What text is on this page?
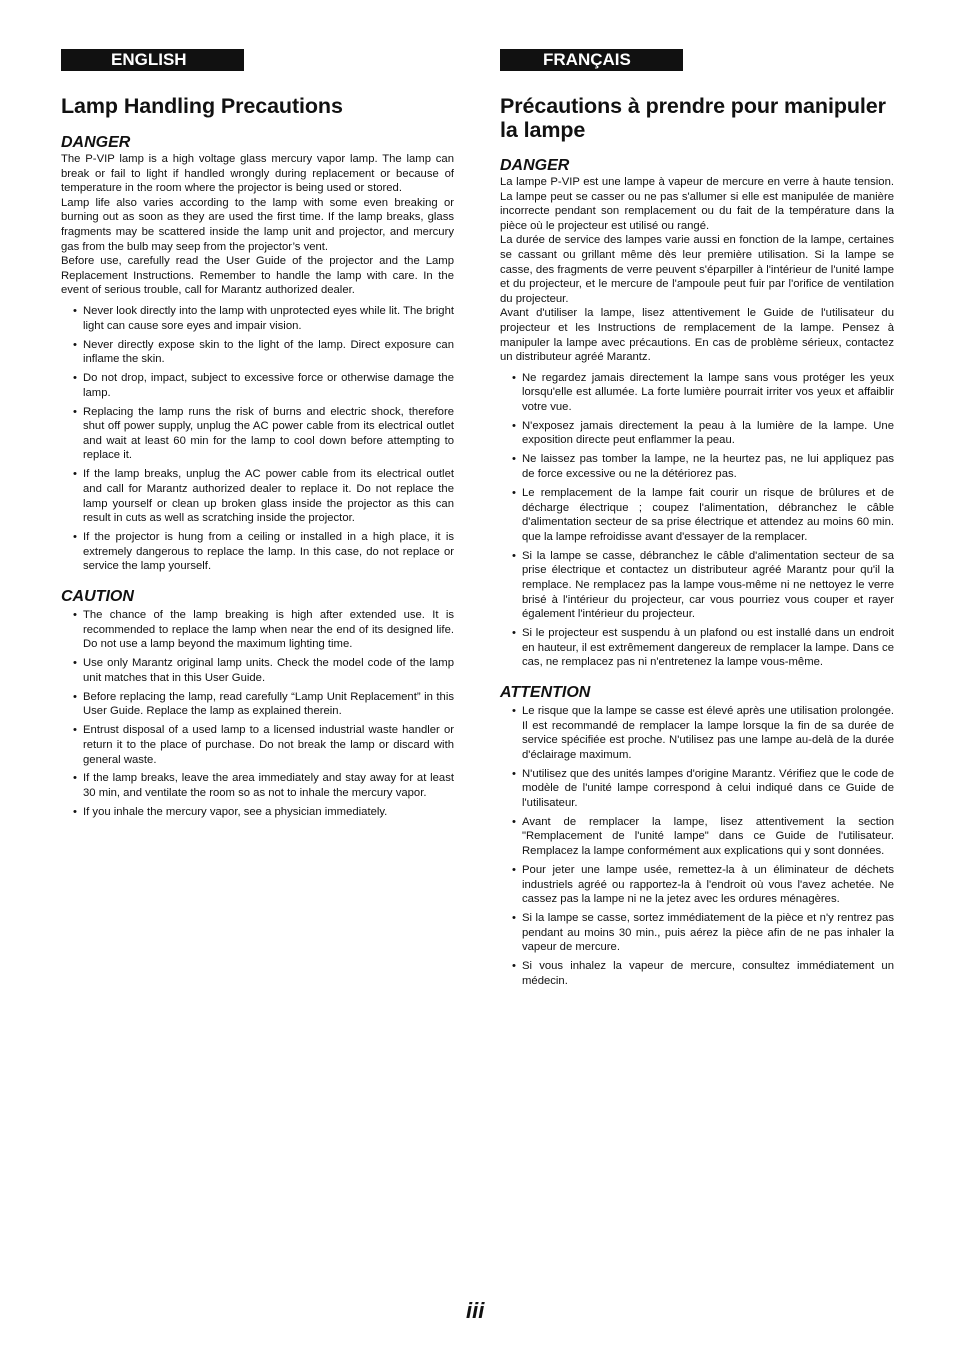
ENGLISH
Lamp Handling Precautions
DANGER

The P-VIP lamp is a high voltage glass mercury vapor lamp. The lamp can break or fail to light if handled wrongly during replacement or because of temperature in the room where the projector is being used or stored.

Lamp life also varies according to the lamp with some even breaking or burning out as soon as they are used the first time. If the lamp breaks, glass fragments may be scattered inside the lamp unit and projector, and mercury gas from the bulb may seep from the projector’s vent.

Before use, carefully read the User Guide of the projector and the Lamp Replacement Instructions. Remember to handle the lamp with care. In the event of serious trouble, call for Marantz authorized dealer.

• Never look directly into the lamp with unprotected eyes while lit. The bright light can cause sore eyes and impair vision.
• Never directly expose skin to the light of the lamp. Direct exposure can inflame the skin.
• Do not drop, impact, subject to excessive force or otherwise damage the lamp.
• Replacing the lamp runs the risk of burns and electric shock, therefore shut off power supply, unplug the AC power cable from its electrical outlet and wait at least 60 min for the lamp to cool down before attempting to replace it.
• If the lamp breaks, unplug the AC power cable from its electrical outlet and call for Marantz authorized dealer to replace it. Do not replace the lamp yourself or clean up broken glass inside the projector as this can result in cuts as well as scratching inside the projector.
• If the projector is hung from a ceiling or installed in a high place, it is extremely dangerous to replace the lamp. In this case, do not replace or service the lamp yourself.
CAUTION
• The chance of the lamp breaking is high after extended use. It is recommended to replace the lamp when near the end of its designed life. Do not use a lamp beyond the maximum lighting time.
• Use only Marantz original lamp units. Check the model code of the lamp unit matches that in this User Guide.
• Before replacing the lamp, read carefully “Lamp Unit Replacement” in this User Guide. Replace the lamp as explained therein.
• Entrust disposal of a used lamp to a licensed industrial waste handler or return it to the place of purchase. Do not break the lamp or discard with general waste.
• If the lamp breaks, leave the area immediately and stay away for at least 30 min, and ventilate the room so as not to inhale the mercury vapor.
• If you inhale the mercury vapor, see a physician immediately.
FRANÇAIS
Précautions à prendre pour manipuler la lampe
DANGER

La lampe P-VIP est une lampe à vapeur de mercure en verre à haute tension. La lampe peut se casser ou ne pas s'allumer si elle est manipulée de manière incorrecte pendant son remplacement ou du fait de la température dans la pièce où le projecteur est utilisé ou rangé.

La durée de service des lampes varie aussi en fonction de la lampe, certaines se cassant ou grillant même dès leur première utilisation. Si la lampe se casse, des fragments de verre peuvent s'éparpiller à l'intérieur de l'unité lampe et du projecteur, et le mercure de l'ampoule peut fuir par l'orifice de ventilation du projecteur.

Avant d'utiliser la lampe, lisez attentivement le Guide de l'utilisateur du projecteur et les Instructions de remplacement de la lampe. Pensez à manipuler la lampe avec précautions. En cas de problème sérieux, contactez un distributeur agréé Marantz.

• Ne regardez jamais directement la lampe sans vous protéger les yeux lorsqu'elle est allumée. La forte lumière pourrait irriter vos yeux et affaiblir votre vue.
• N'exposez jamais directement la peau à la lumière de la lampe. Une exposition directe peut enflammer la peau.
• Ne laissez pas tomber la lampe, ne la heurtez pas, ne lui appliquez pas de force excessive ou ne la détériorez pas.
• Le remplacement de la lampe fait courir un risque de brûlures et de décharge électrique ; coupez l'alimentation, débranchez le câble d'alimentation secteur de sa prise électrique et attendez au moins 60 min. que la lampe refroidisse avant d'essayer de la remplacer.
• Si la lampe se casse, débranchez le câble d'alimentation secteur de sa prise électrique et contactez un distributeur agréé Marantz pour qu'il la remplace. Ne remplacez pas la lampe vous-même ni ne nettoyez le verre brisé à l'intérieur du projecteur, car vous pourriez vous couper et rayer également l'intérieur du projecteur.
• Si le projecteur est suspendu à un plafond ou est installé dans un endroit en hauteur, il est extrêmement dangereux de remplacer la lampe. Dans ce cas, ne remplacez pas ni n'entretenez la lampe vous-même.
ATTENTION
• Le risque que la lampe se casse est élevé après une utilisation prolongée. Il est recommandé de remplacer la lampe lorsque la fin de sa durée de service spécifiée est proche. N'utilisez pas une lampe au-delà de la durée d'éclairage maximum.
• N'utilisez que des unités lampes d'origine Marantz. Vérifiez que le code de modèle de l'unité lampe correspond à celui indiqué dans ce Guide de l'utilisateur.
• Avant de remplacer la lampe, lisez attentivement la section "Remplacement de l'unité lampe" dans ce Guide de l'utilisateur. Remplacez la lampe conformément aux explications qui y sont données.
• Pour jeter une lampe usée, remettez-la à un éliminateur de déchets industriels agréé ou rapportez-la à l'endroit où vous l'avez achetée. Ne cassez pas la lampe ni ne la jetez avec les ordures ménagères.
• Si la lampe se casse, sortez immédiatement de la pièce et n'y rentrez pas pendant au moins 30 min., puis aérez la pièce afin de ne pas inhaler la vapeur de mercure.
• Si vous inhalez la vapeur de mercure, consultez immédiatement un médecin.
iii
